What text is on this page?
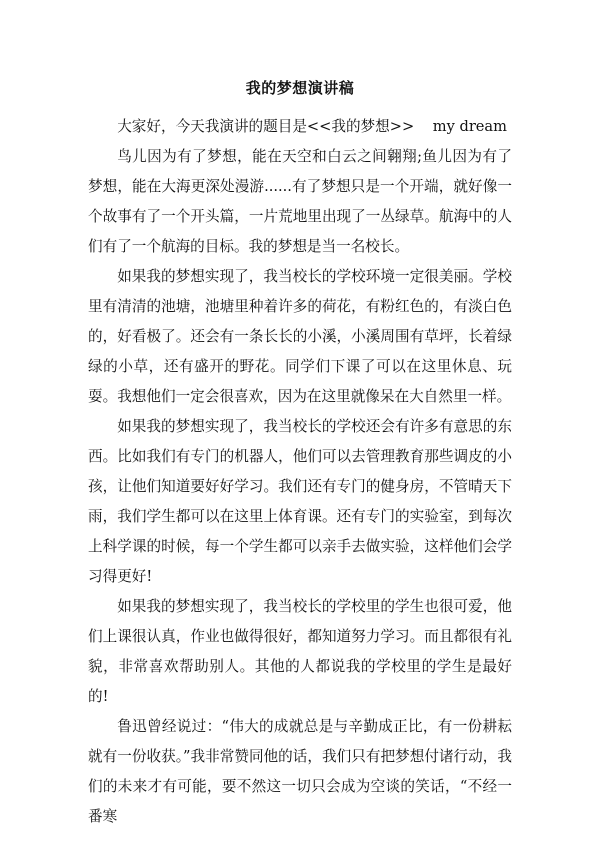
我的梦想演讲稿

大家好，今天我演讲的题目是<<我的梦想>>    my dream

鸟儿因为有了梦想，能在天空和白云之间翱翔;鱼儿因为有了梦想，能在大海更深处漫游......有了梦想只是一个开端，就好像一个故事有了一个开头篇，一片荒地里出现了一丛绿草。航海中的人们有了一个航海的目标。我的梦想是当一名校长。

如果我的梦想实现了，我当校长的学校环境一定很美丽。学校里有清清的池塘，池塘里种着许多的荷花，有粉红色的，有淡白色的，好看极了。还会有一条长长的小溪，小溪周围有草坪，长着绿绿的小草，还有盛开的野花。同学们下课了可以在这里休息、玩耍。我想他们一定会很喜欢，因为在这里就像呆在大自然里一样。

如果我的梦想实现了，我当校长的学校还会有许多有意思的东西。比如我们有专门的机器人，他们可以去管理教育那些调皮的小孩，让他们知道要好好学习。我们还有专门的健身房，不管晴天下雨，我们学生都可以在这里上体育课。还有专门的实验室，到每次上科学课的时候，每一个学生都可以亲手去做实验，这样他们会学习得更好!

如果我的梦想实现了，我当校长的学校里的学生也很可爱，他们上课很认真，作业也做得很好，都知道努力学习。而且都很有礼貌，非常喜欢帮助别人。其他的人都说我的学校里的学生是最好的!

鲁迅曾经说过：“伟大的成就总是与辛勤成正比，有一份耕耘就有一份收获。”我非常赞同他的话，我们只有把梦想付诸行动，我们的未来才有可能，要不然这一切只会成为空谈的笑话，“不经一番寒
